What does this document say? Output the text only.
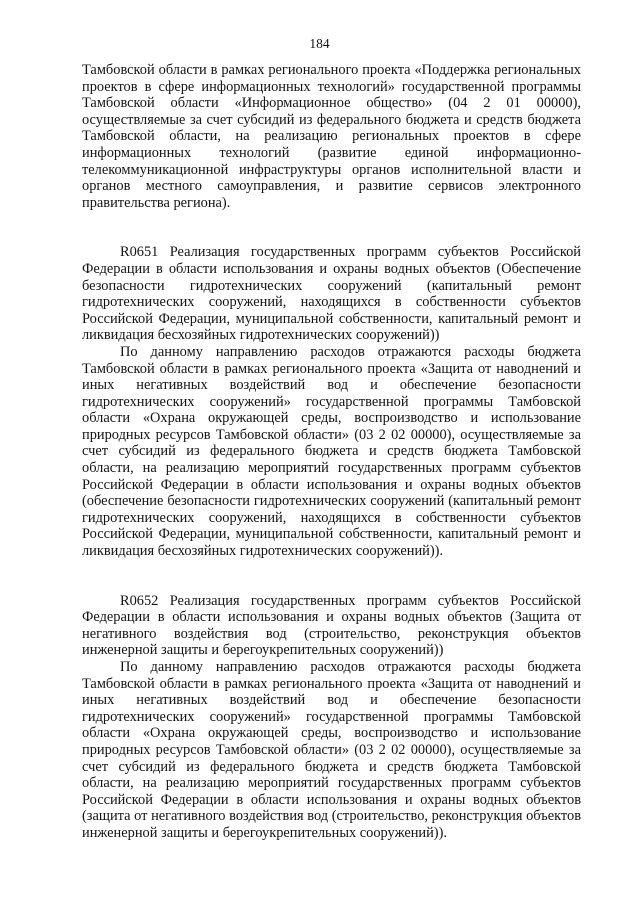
184

Тамбовской области в рамках регионального проекта «Поддержка региональных проектов в сфере информационных технологий» государственной программы Тамбовской области «Информационное общество» (04 2 01 00000), осуществляемые за счет субсидий из федерального бюджета и средств бюджета Тамбовской области, на реализацию региональных проектов в сфере информационных технологий (развитие единой информационно-телекоммуникационной инфраструктуры органов исполнительной власти и органов местного самоуправления, и развитие сервисов электронного правительства региона).

R0651 Реализация государственных программ субъектов Российской Федерации в области использования и охраны водных объектов (Обеспечение безопасности гидротехнических сооружений (капитальный ремонт гидротехнических сооружений, находящихся в собственности субъектов Российской Федерации, муниципальной собственности, капитальный ремонт и ликвидация бесхозяйных гидротехнических сооружений))

По данному направлению расходов отражаются расходы бюджета Тамбовской области в рамках регионального проекта «Защита от наводнений и иных негативных воздействий вод и обеспечение безопасности гидротехнических сооружений» государственной программы Тамбовской области «Охрана окружающей среды, воспроизводство и использование природных ресурсов Тамбовской области» (03 2 02 00000), осуществляемые за счет субсидий из федерального бюджета и средств бюджета Тамбовской области, на реализацию мероприятий государственных программ субъектов Российской Федерации в области использования и охраны водных объектов (обеспечение безопасности гидротехнических сооружений (капитальный ремонт гидротехнических сооружений, находящихся в собственности субъектов Российской Федерации, муниципальной собственности, капитальный ремонт и ликвидация бесхозяйных гидротехнических сооружений)).

R0652 Реализация государственных программ субъектов Российской Федерации в области использования и охраны водных объектов (Защита от негативного воздействия вод (строительство, реконструкция объектов инженерной защиты и берегоукрепительных сооружений))

По данному направлению расходов отражаются расходы бюджета Тамбовской области в рамках регионального проекта «Защита от наводнений и иных негативных воздействий вод и обеспечение безопасности гидротехнических сооружений» государственной программы Тамбовской области «Охрана окружающей среды, воспроизводство и использование природных ресурсов Тамбовской области» (03 2 02 00000), осуществляемые за счет субсидий из федерального бюджета и средств бюджета Тамбовской области, на реализацию мероприятий государственных программ субъектов Российской Федерации в области использования и охраны водных объектов (защита от негативного воздействия вод (строительство, реконструкция объектов инженерной защиты и берегоукрепительных сооружений)).
